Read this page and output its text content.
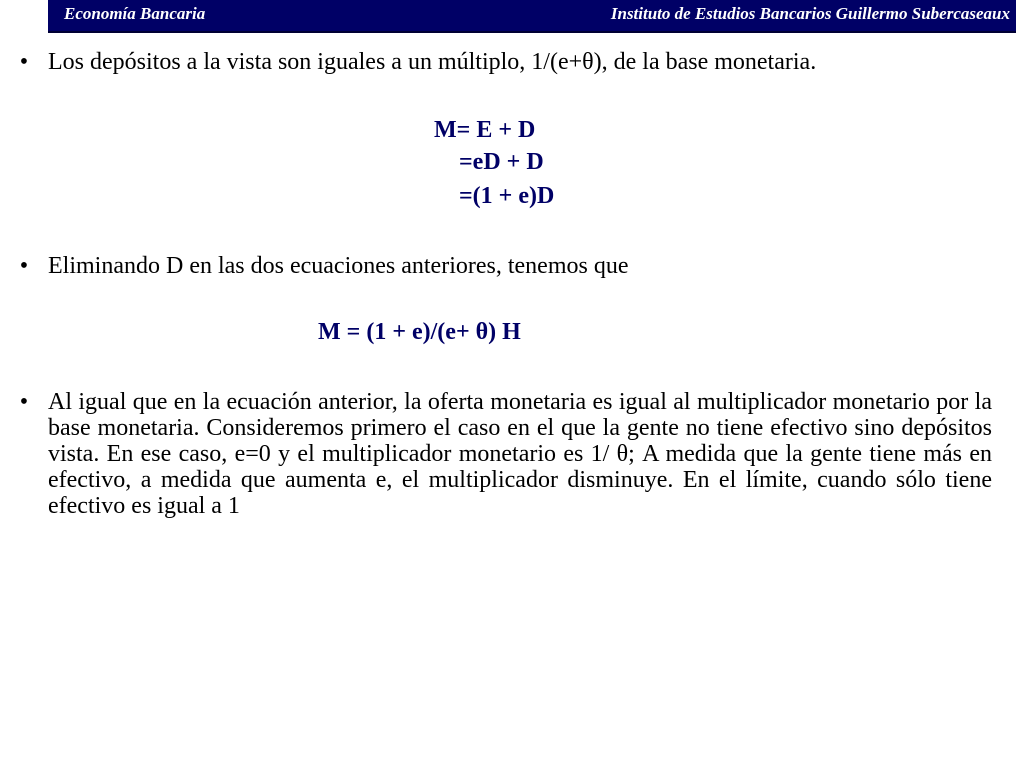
Economía Bancaria	Instituto de Estudios Bancarios Guillermo Subercaseaux
• Los depósitos a la vista son iguales a un múltiplo, 1/(e+θ), de la base monetaria.
M= E + D
=eD + D
=(1 + e)D
• Eliminando D en las dos ecuaciones anteriores, tenemos que
M = (1 + e)/(e+ θ) H
• Al igual que en la ecuación anterior, la oferta monetaria es igual al multiplicador monetario por la base monetaria. Consideremos primero el caso en el que la gente no tiene efectivo sino depósitos vista. En ese caso, e=0 y el multiplicador monetario es 1/ θ; A medida que la gente tiene más en efectivo, a medida que aumenta e, el multiplicador disminuye. En el límite, cuando sólo tiene efectivo es igual a 1
